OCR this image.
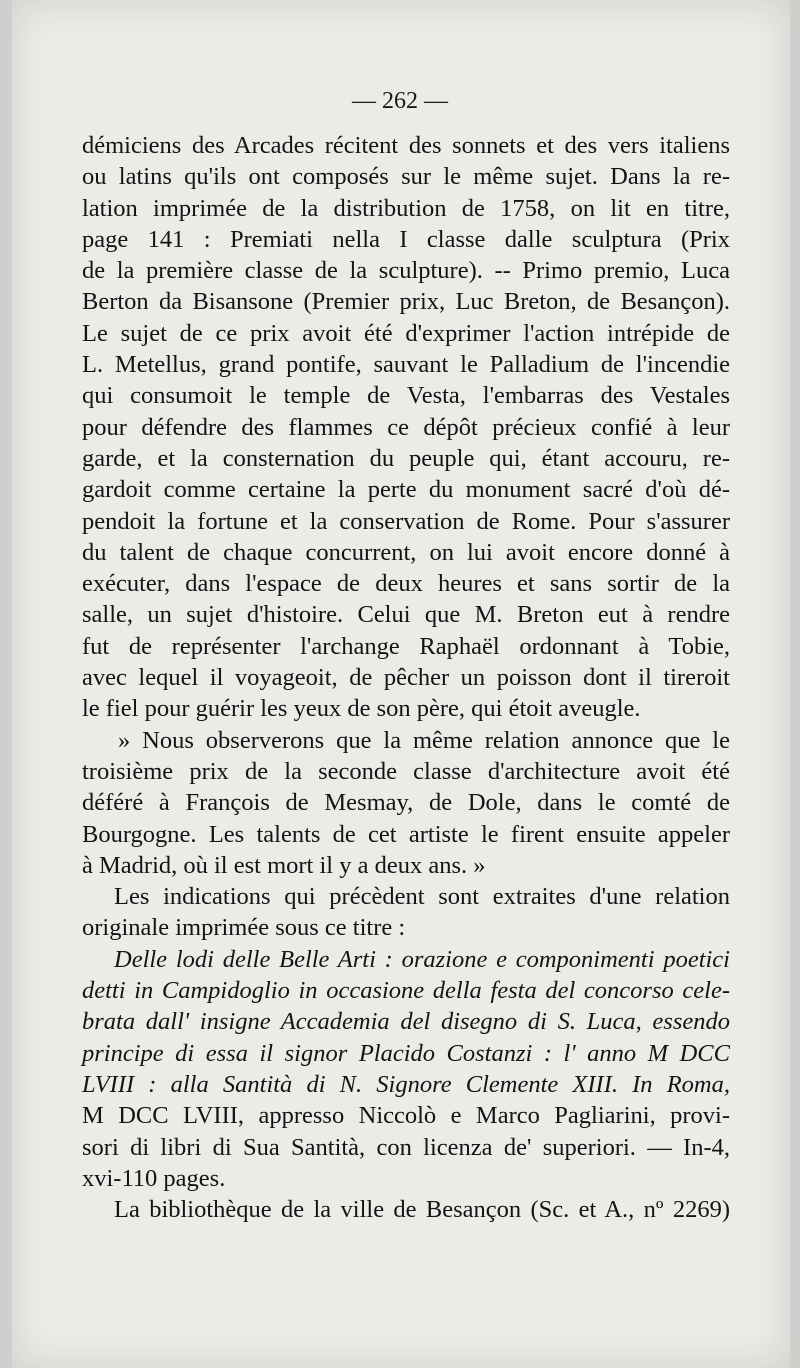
— 262 —
démiciens des Arcades récitent des sonnets et des vers italiens
ou latins qu'ils ont composés sur le même sujet. Dans la re-
lation imprimée de la distribution de 1758, on lit en titre,
page 141 : Premiati nella I classe dalle sculptura (Prix
de la première classe de la sculpture). -- Primo premio, Luca
Berton da Bisansone (Premier prix, Luc Breton, de Besançon).
Le sujet de ce prix avoit été d'exprimer l'action intrépide de
L. Metellus, grand pontife, sauvant le Palladium de l'incendie
qui consumoit le temple de Vesta, l'embarras des Vestales
pour défendre des flammes ce dépôt précieux confié à leur
garde, et la consternation du peuple qui, étant accouru, re-
gardoit comme certaine la perte du monument sacré d'où dé-
pendoit la fortune et la conservation de Rome. Pour s'assurer
du talent de chaque concurrent, on lui avoit encore donné à
exécuter, dans l'espace de deux heures et sans sortir de la
salle, un sujet d'histoire. Celui que M. Breton eut à rendre
fut de représenter l'archange Raphaël ordonnant à Tobie,
avec lequel il voyageoit, de pêcher un poisson dont il tireroit
le fiel pour guérir les yeux de son père, qui étoit aveugle.
» Nous observerons que la même relation annonce que le
troisième prix de la seconde classe d'architecture avoit été
déféré à François de Mesmay, de Dole, dans le comté de
Bourgogne. Les talents de cet artiste le firent ensuite appeler
à Madrid, où il est mort il y a deux ans. »
Les indications qui précèdent sont extraites d'une relation
originale imprimée sous ce titre :
Delle lodi delle Belle Arti : orazione e componimenti poetici
detti in Campidoglio in occasione della festa del concorso cele-
brata dall' insigne Accademia del disegno di S. Luca, essendo
principe di essa il signor Placido Costanzi : l' anno M DCC
LVIII : alla Santità di N. Signore Clemente XIII. In Roma,
M DCC LVIII, appresso Niccolò e Marco Pagliarini, provi-
sori di libri di Sua Santità, con licenza de' superiori. — In-4,
xvi-110 pages.
La bibliothèque de la ville de Besançon (Sc. et A., nº 2269)
